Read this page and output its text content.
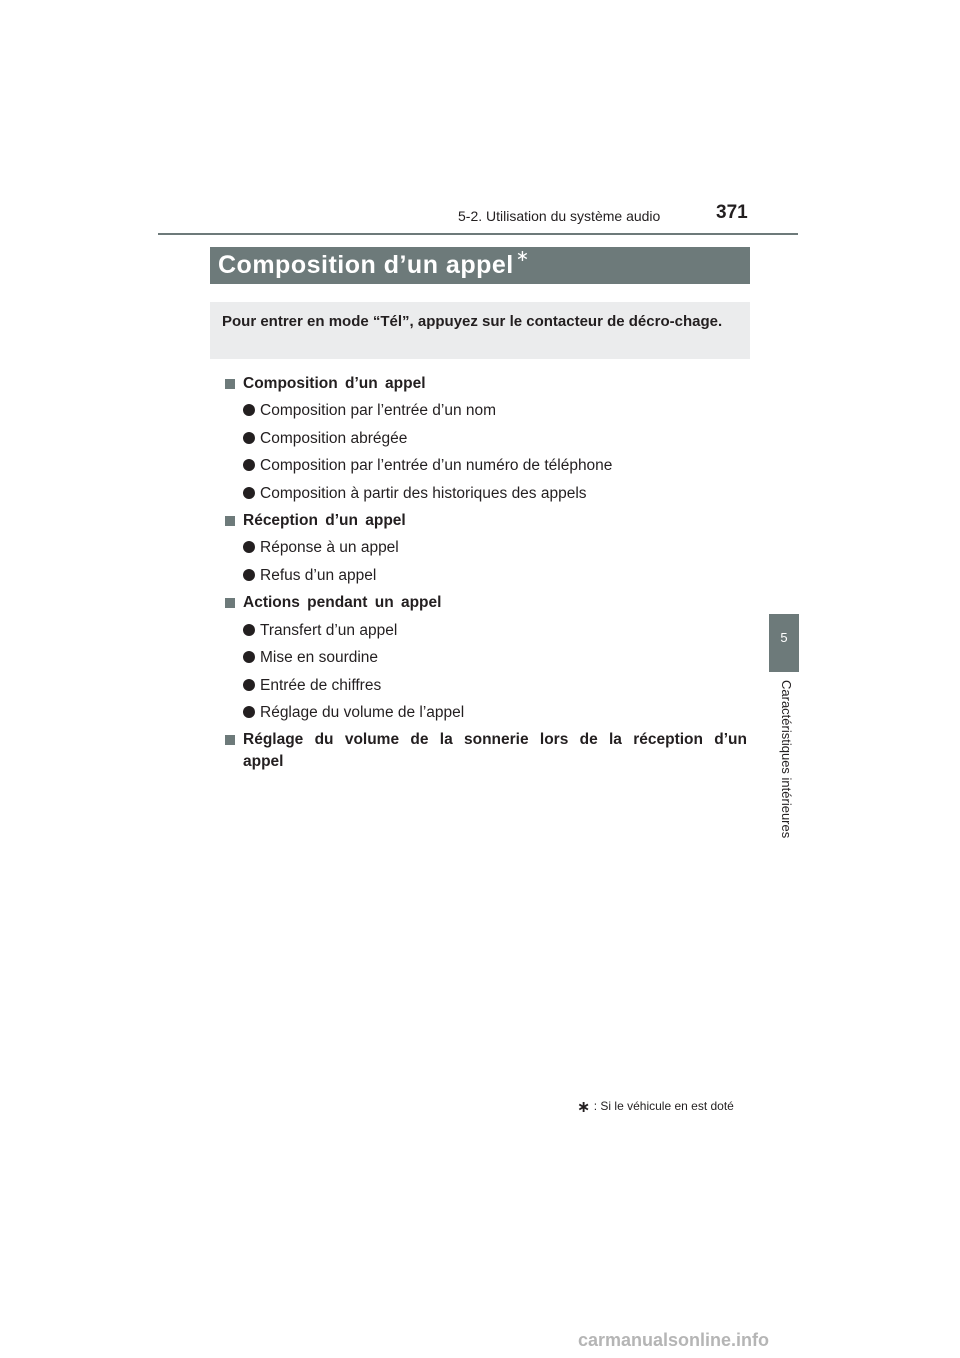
5-2. Utilisation du système audio	371
5
Caractéristiques intérieures
Composition d’un appel ∗
Pour entrer en mode “Tél”, appuyez sur le contacteur de décro-chage.
Composition d’un appel
Composition par l’entrée d’un nom
Composition abrégée
Composition par l’entrée d’un numéro de téléphone
Composition à partir des historiques des appels
Réception d’un appel
Réponse à un appel
Refus d’un appel
Actions pendant un appel
Transfert d’un appel
Mise en sourdine
Entrée de chiffres
Réglage du volume de l’appel
Réglage du volume de la sonnerie lors de la réception d’un appel
∗ : Si le véhicule en est doté
carmanualsonline.info
